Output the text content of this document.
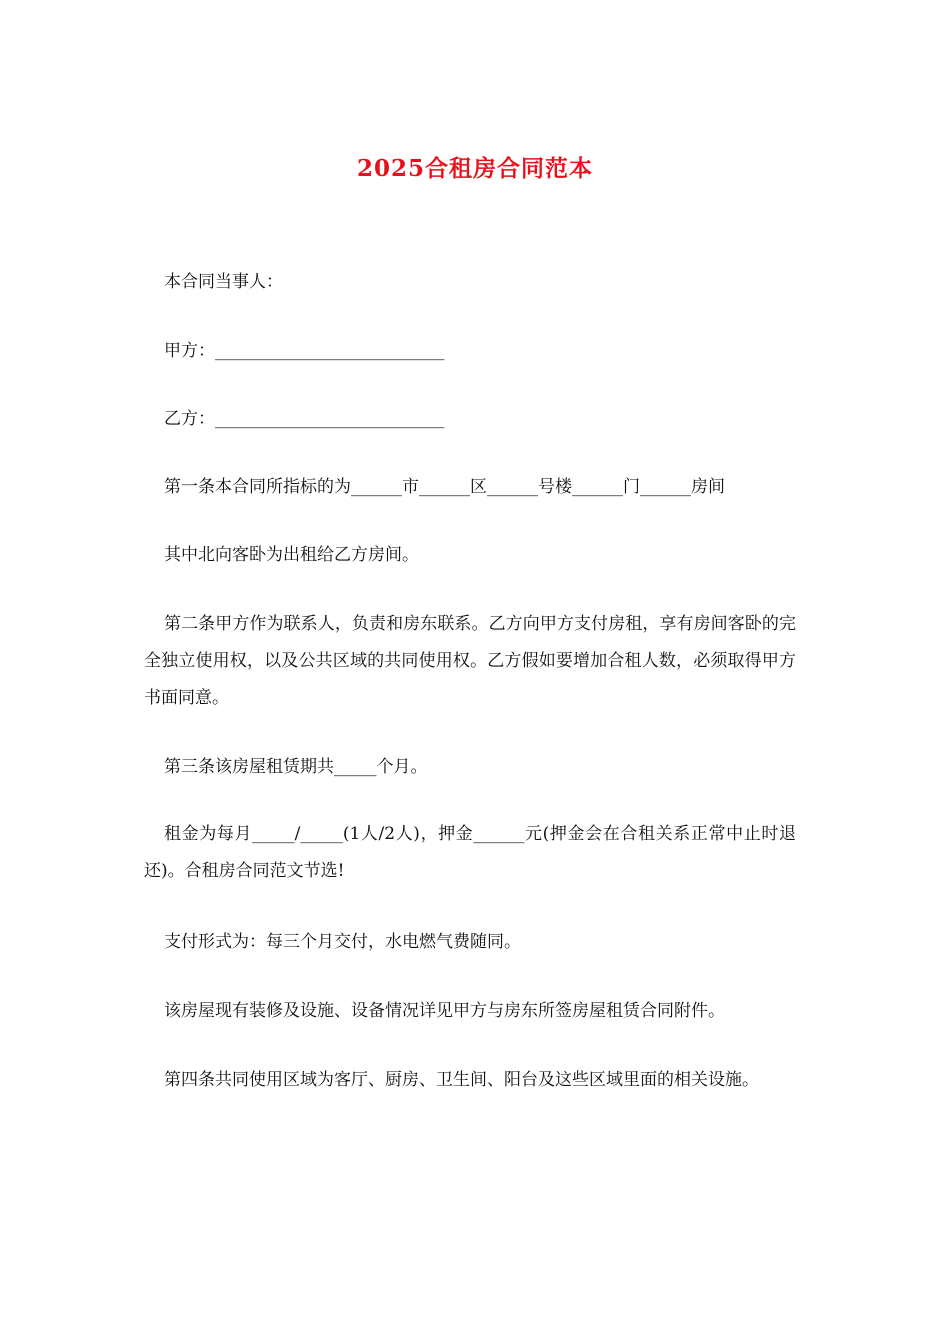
2025合租房合同范本

本合同当事人：

甲方：___________________________

乙方：___________________________

第一条本合同所指标的为______市______区______号楼______门______房间

其中北向客卧为出租给乙方房间。

第二条甲方作为联系人，负责和房东联系。乙方向甲方支付房租，享有房间客卧的完全独立使用权，以及公共区域的共同使用权。乙方假如要增加合租人数，必须取得甲方书面同意。

第三条该房屋租赁期共_____个月。

租金为每月_____/_____(1人/2人)，押金______元(押金会在合租关系正常中止时退还)。合租房合同范文节选!

支付形式为：每三个月交付，水电燃气费随同。

该房屋现有装修及设施、设备情况详见甲方与房东所签房屋租赁合同附件。

第四条共同使用区域为客厅、厨房、卫生间、阳台及这些区域里面的相关设施。
